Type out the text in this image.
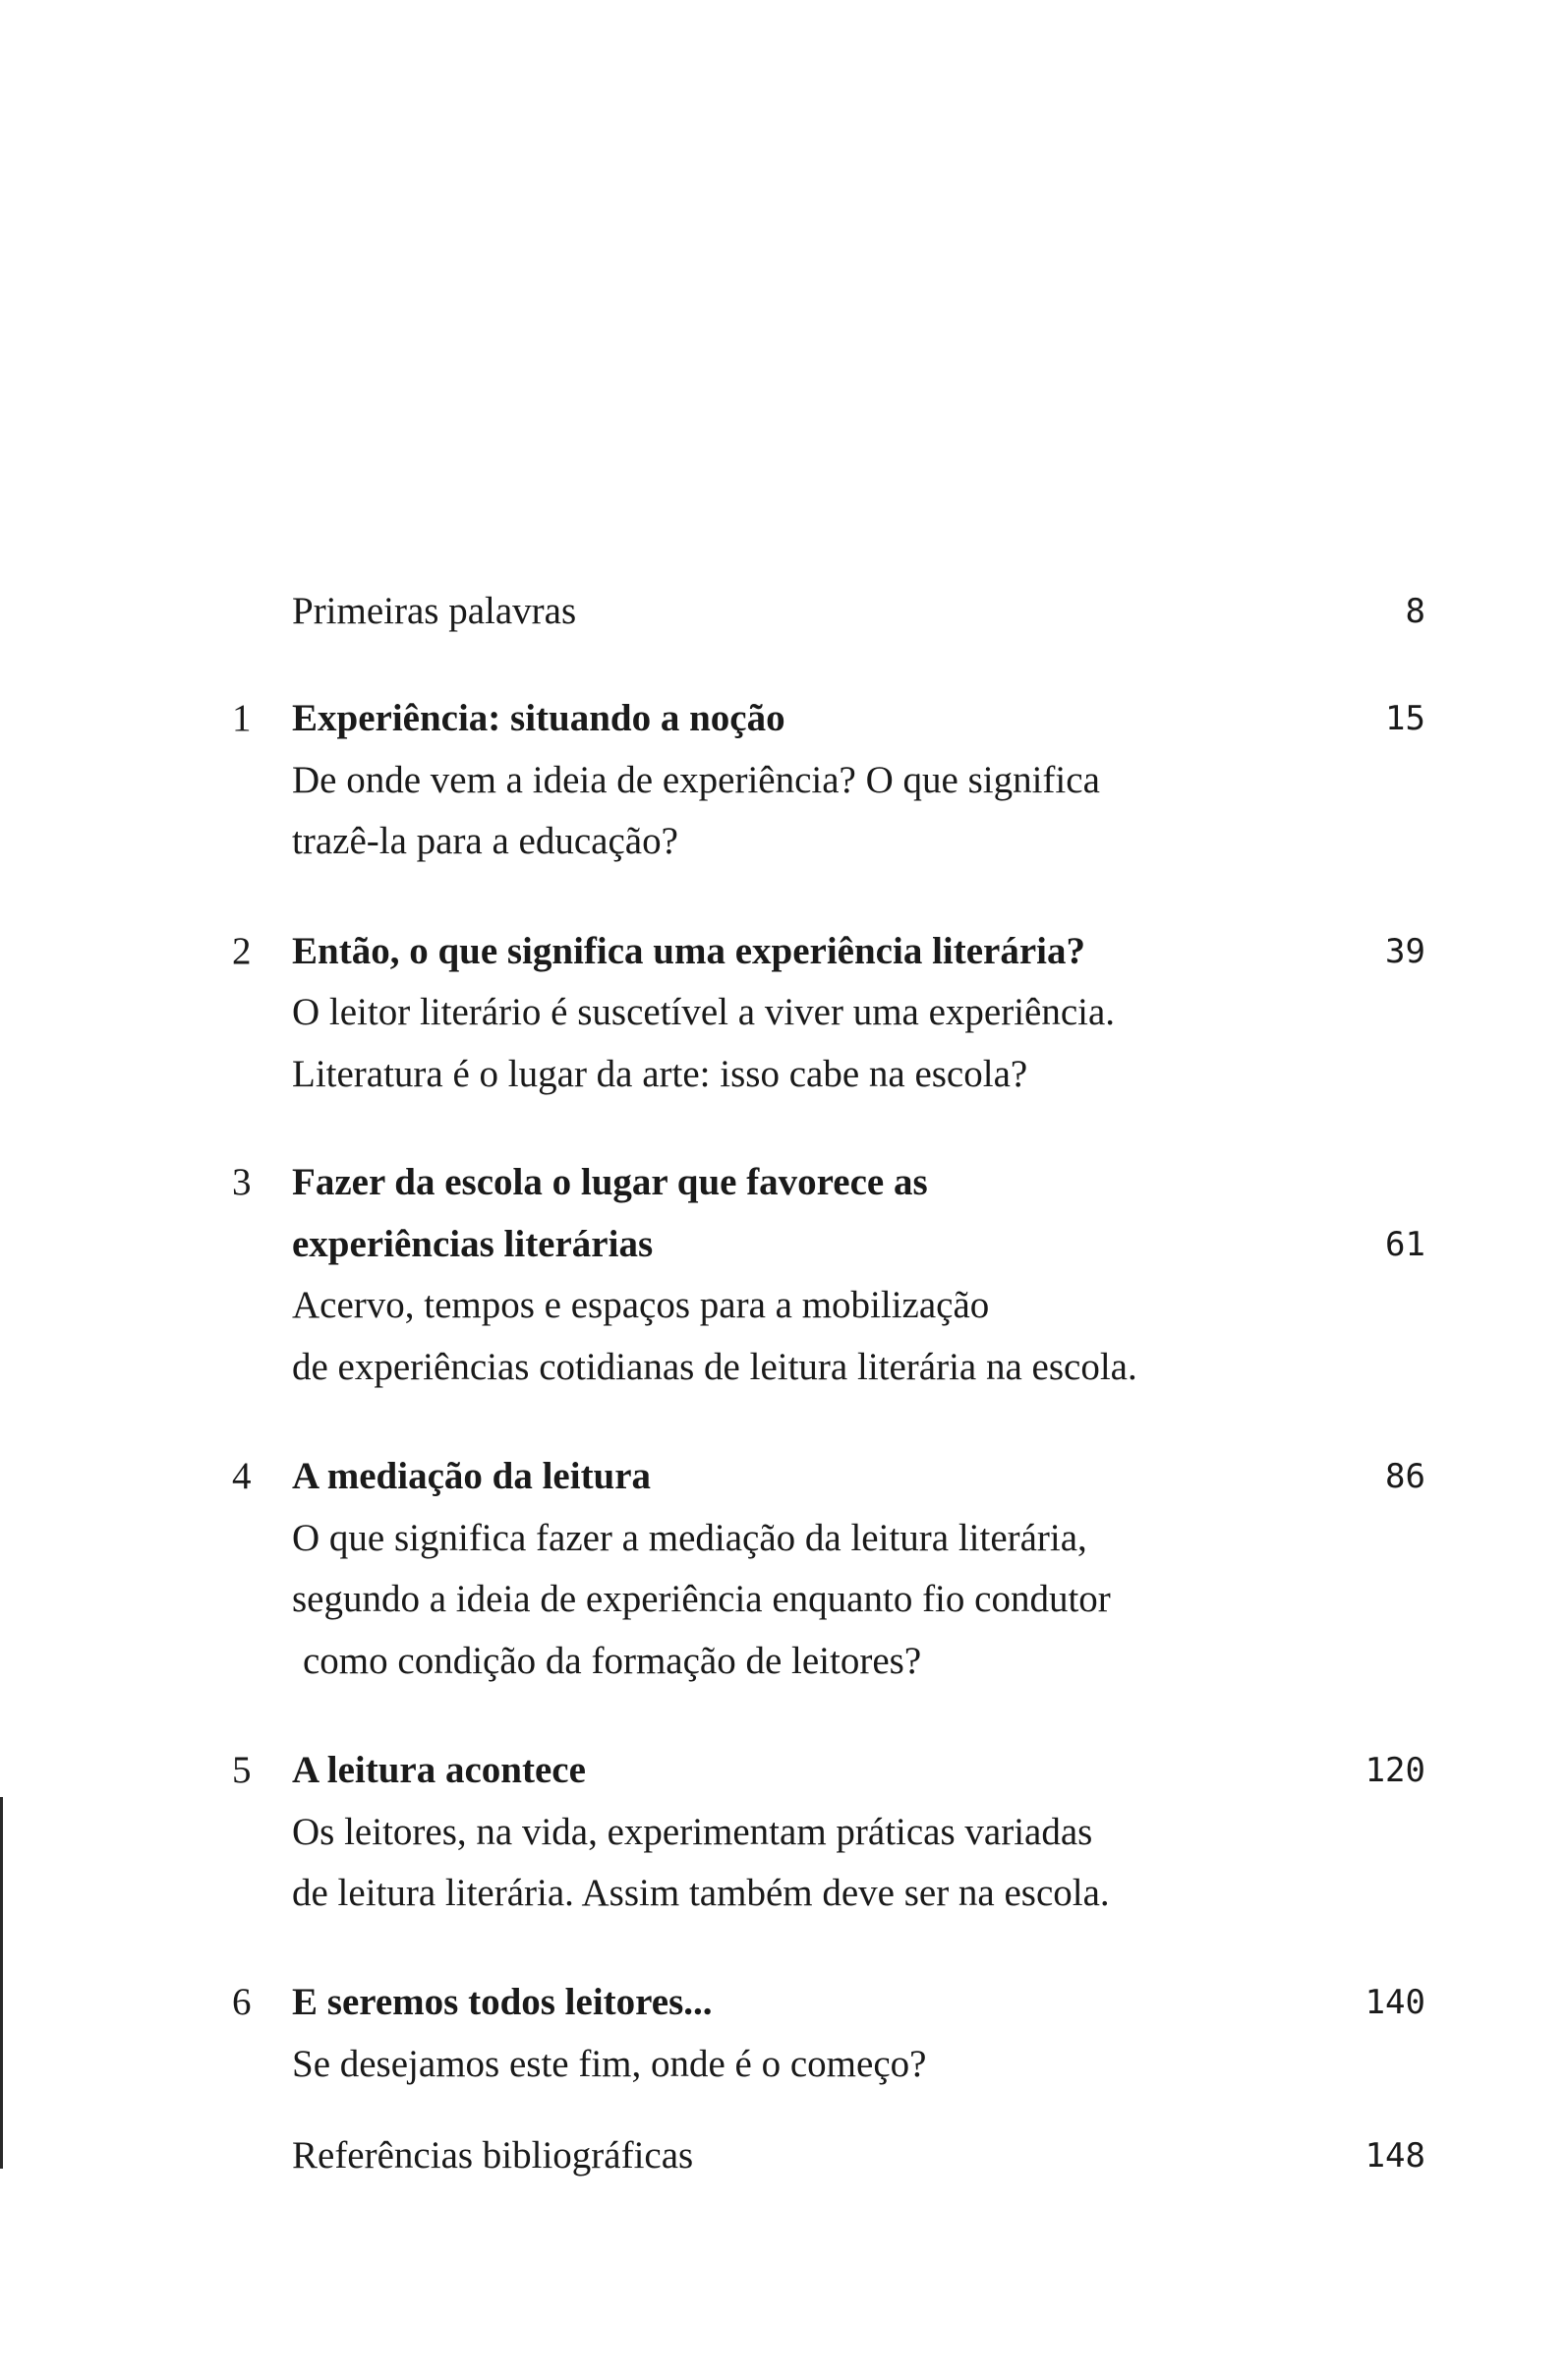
Primeiras palavras	8
1 Experiência: situando a noção	15
De onde vem a ideia de experiência? O que significa
trazê-la para a educação?
2 Então, o que significa uma experiência literária?	39
O leitor literário é suscetível a viver uma experiência.
Literatura é o lugar da arte: isso cabe na escola?
3 Fazer da escola o lugar que favorece as
experiências literárias	61
Acervo, tempos e espaços para a mobilização
de experiências cotidianas de leitura literária na escola.
4 A mediação da leitura	86
O que significa fazer a mediação da leitura literária,
segundo a ideia de experiência enquanto fio condutor
como condição da formação de leitores?
5 A leitura acontece	120
Os leitores, na vida, experimentam práticas variadas
de leitura literária. Assim também deve ser na escola.
6 E seremos todos leitores...	140
Se desejamos este fim, onde é o começo?
Referências bibliográficas	148
